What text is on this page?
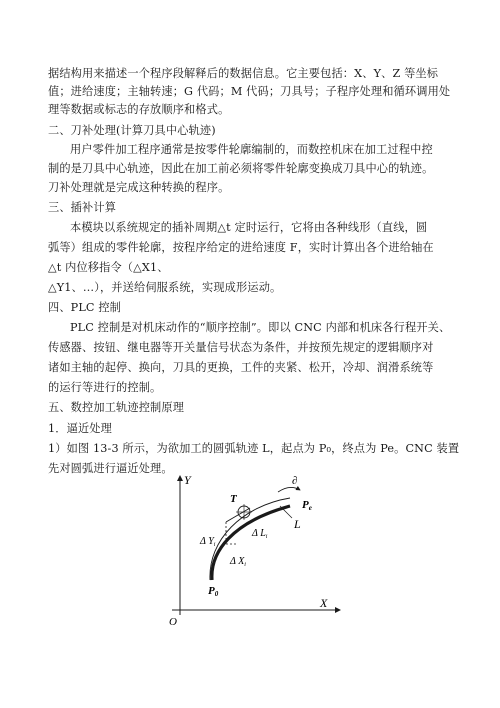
据结构用来描述一个程序段解释后的数据信息。它主要包括：X、Y、Z 等坐标
值；进给速度；主轴转速；G 代码；M 代码；刀具号；子程序处理和循环调用处
理等数据或标志的存放顺序和格式。
二、刀补处理(计算刀具中心轨迹)
用户零件加工程序通常是按零件轮廓编制的，而数控机床在加工过程中控
制的是刀具中心轨迹，因此在加工前必须将零件轮廓变换成刀具中心的轨迹。
刀补处理就是完成这种转换的程序。
三、插补计算
本模块以系统规定的插补周期△t 定时运行，它将由各种线形（直线，圆
弧等）组成的零件轮廓，按程序给定的进给速度 F，实时计算出各个进给轴在
△t 内位移指令（△X1、
△Y1、…），并送给伺服系统，实现成形运动。
四、PLC 控制
PLC 控制是对机床动作的“顺序控制”。即以 CNC 内部和机床各行程开关、
传感器、按钮、继电器等开关量信号状态为条件，并按预先规定的逻辑顺序对
诸如主轴的起停、换向，刀具的更换，工件的夹紧、松开，冷却、润滑系统等
的运行等进行的控制。
五、数控加工轨迹控制原理
1．逼近处理
1）如图 13-3 所示，为欲加工的圆弧轨迹 L，起点为 P₀，终点为 Pe。CNC 装置
先对圆弧进行逼近处理。
Y
X
O
T
∂
Pe
L
Δ $L_i$
Δ $Y_i$
Δ $X_i$
P0
